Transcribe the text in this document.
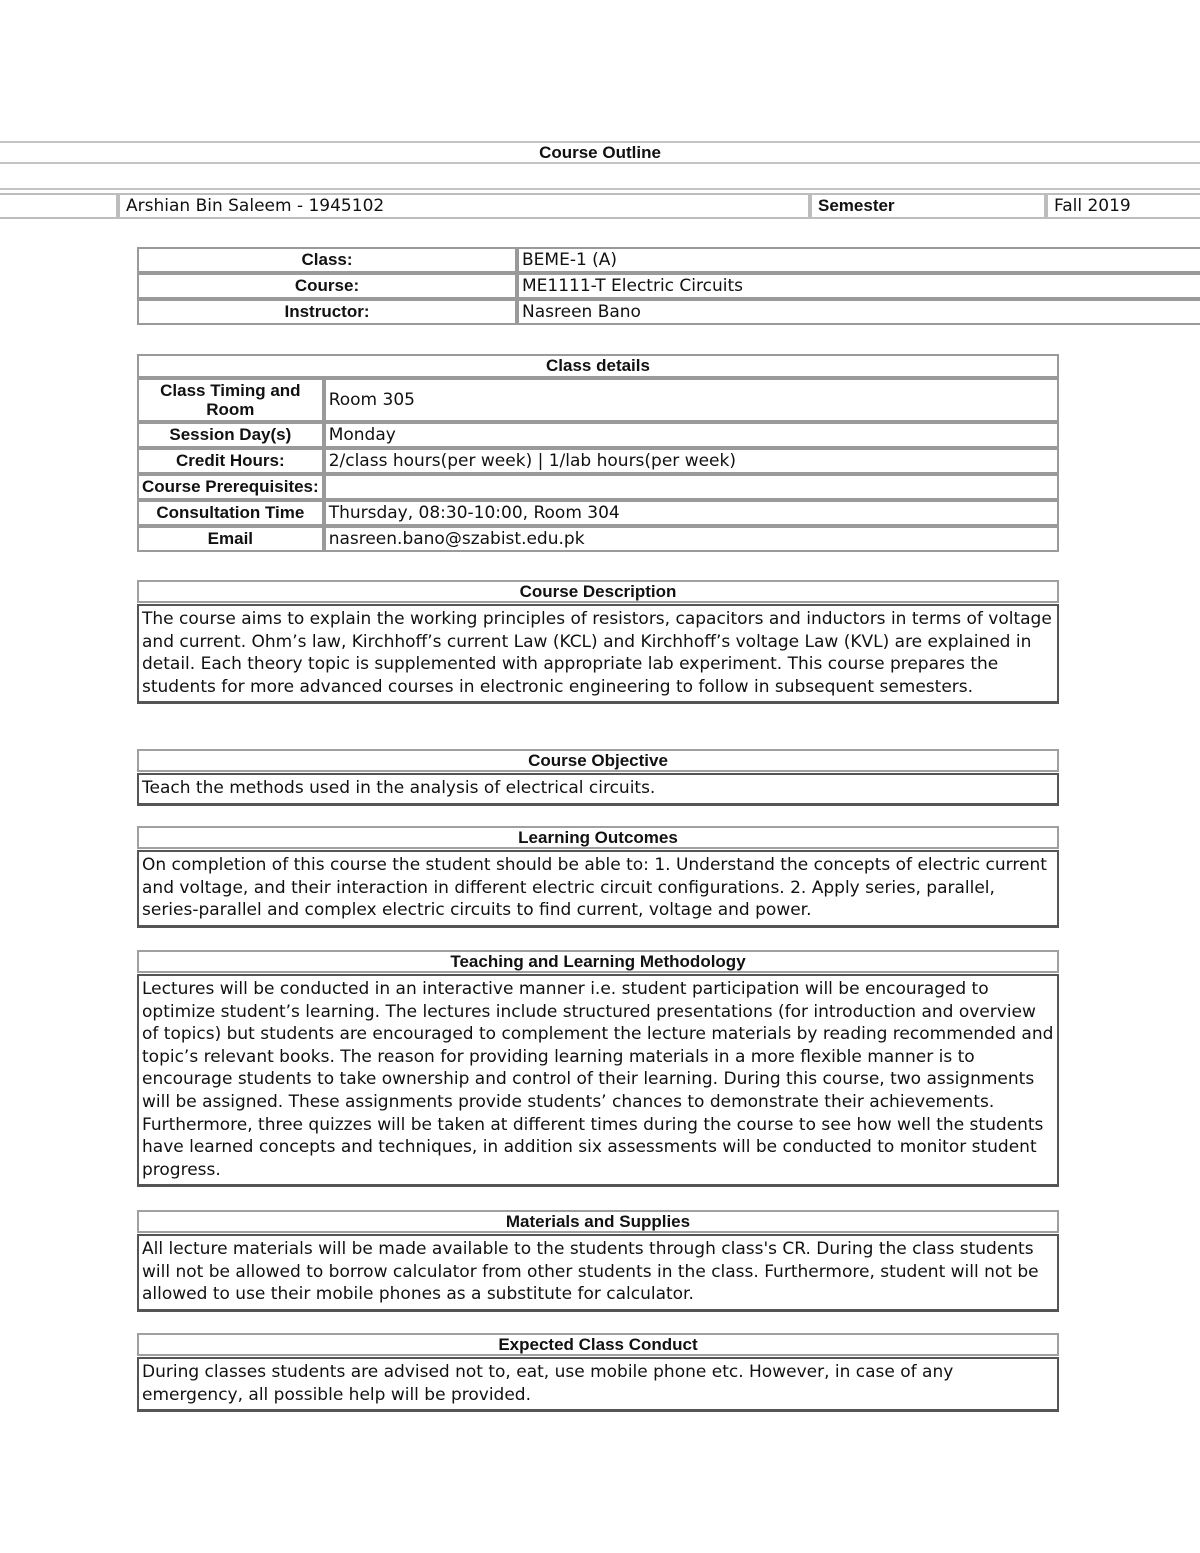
Course Outline
Arshian Bin Saleem - 1945102	Semester	Fall 2019
Class:	BEME-1 (A)
Course:	ME1111-T Electric Circuits
Instructor:	Nasreen Bano
Class details	
Class Timing and Room	Room 305
Session Day(s)	Monday
Credit Hours:	2/class hours(per week) | 1/lab hours(per week)
Course Prerequisites:	
Consultation Time	Thursday, 08:30-10:00, Room 304
Email	nasreen.bano@szabist.edu.pk
Course Description
The course aims to explain the working principles of resistors, capacitors and inductors in terms of voltage and current. Ohm’s law, Kirchhoff’s current Law (KCL) and Kirchhoff’s voltage Law (KVL) are explained in detail. Each theory topic is supplemented with appropriate lab experiment. This course prepares the students for more advanced courses in electronic engineering to follow in subsequent semesters.
Course Objective
Teach the methods used in the analysis of electrical circuits.
Learning Outcomes
On completion of this course the student should be able to: 1. Understand the concepts of electric current and voltage, and their interaction in different electric circuit configurations. 2. Apply series, parallel, series-parallel and complex electric circuits to find current, voltage and power.
Teaching and Learning Methodology
Lectures will be conducted in an interactive manner i.e. student participation will be encouraged to optimize student’s learning. The lectures include structured presentations (for introduction and overview of topics) but students are encouraged to complement the lecture materials by reading recommended and topic’s relevant books. The reason for providing learning materials in a more flexible manner is to encourage students to take ownership and control of their learning. During this course, two assignments will be assigned. These assignments provide students’ chances to demonstrate their achievements. Furthermore, three quizzes will be taken at different times during the course to see how well the students have learned concepts and techniques, in addition six assessments will be conducted to monitor student progress.
Materials and Supplies
All lecture materials will be made available to the students through class's CR. During the class students will not be allowed to borrow calculator from other students in the class. Furthermore, student will not be allowed to use their mobile phones as a substitute for calculator.
Expected Class Conduct
During classes students are advised not to, eat, use mobile phone etc. However, in case of any emergency, all possible help will be provided.
